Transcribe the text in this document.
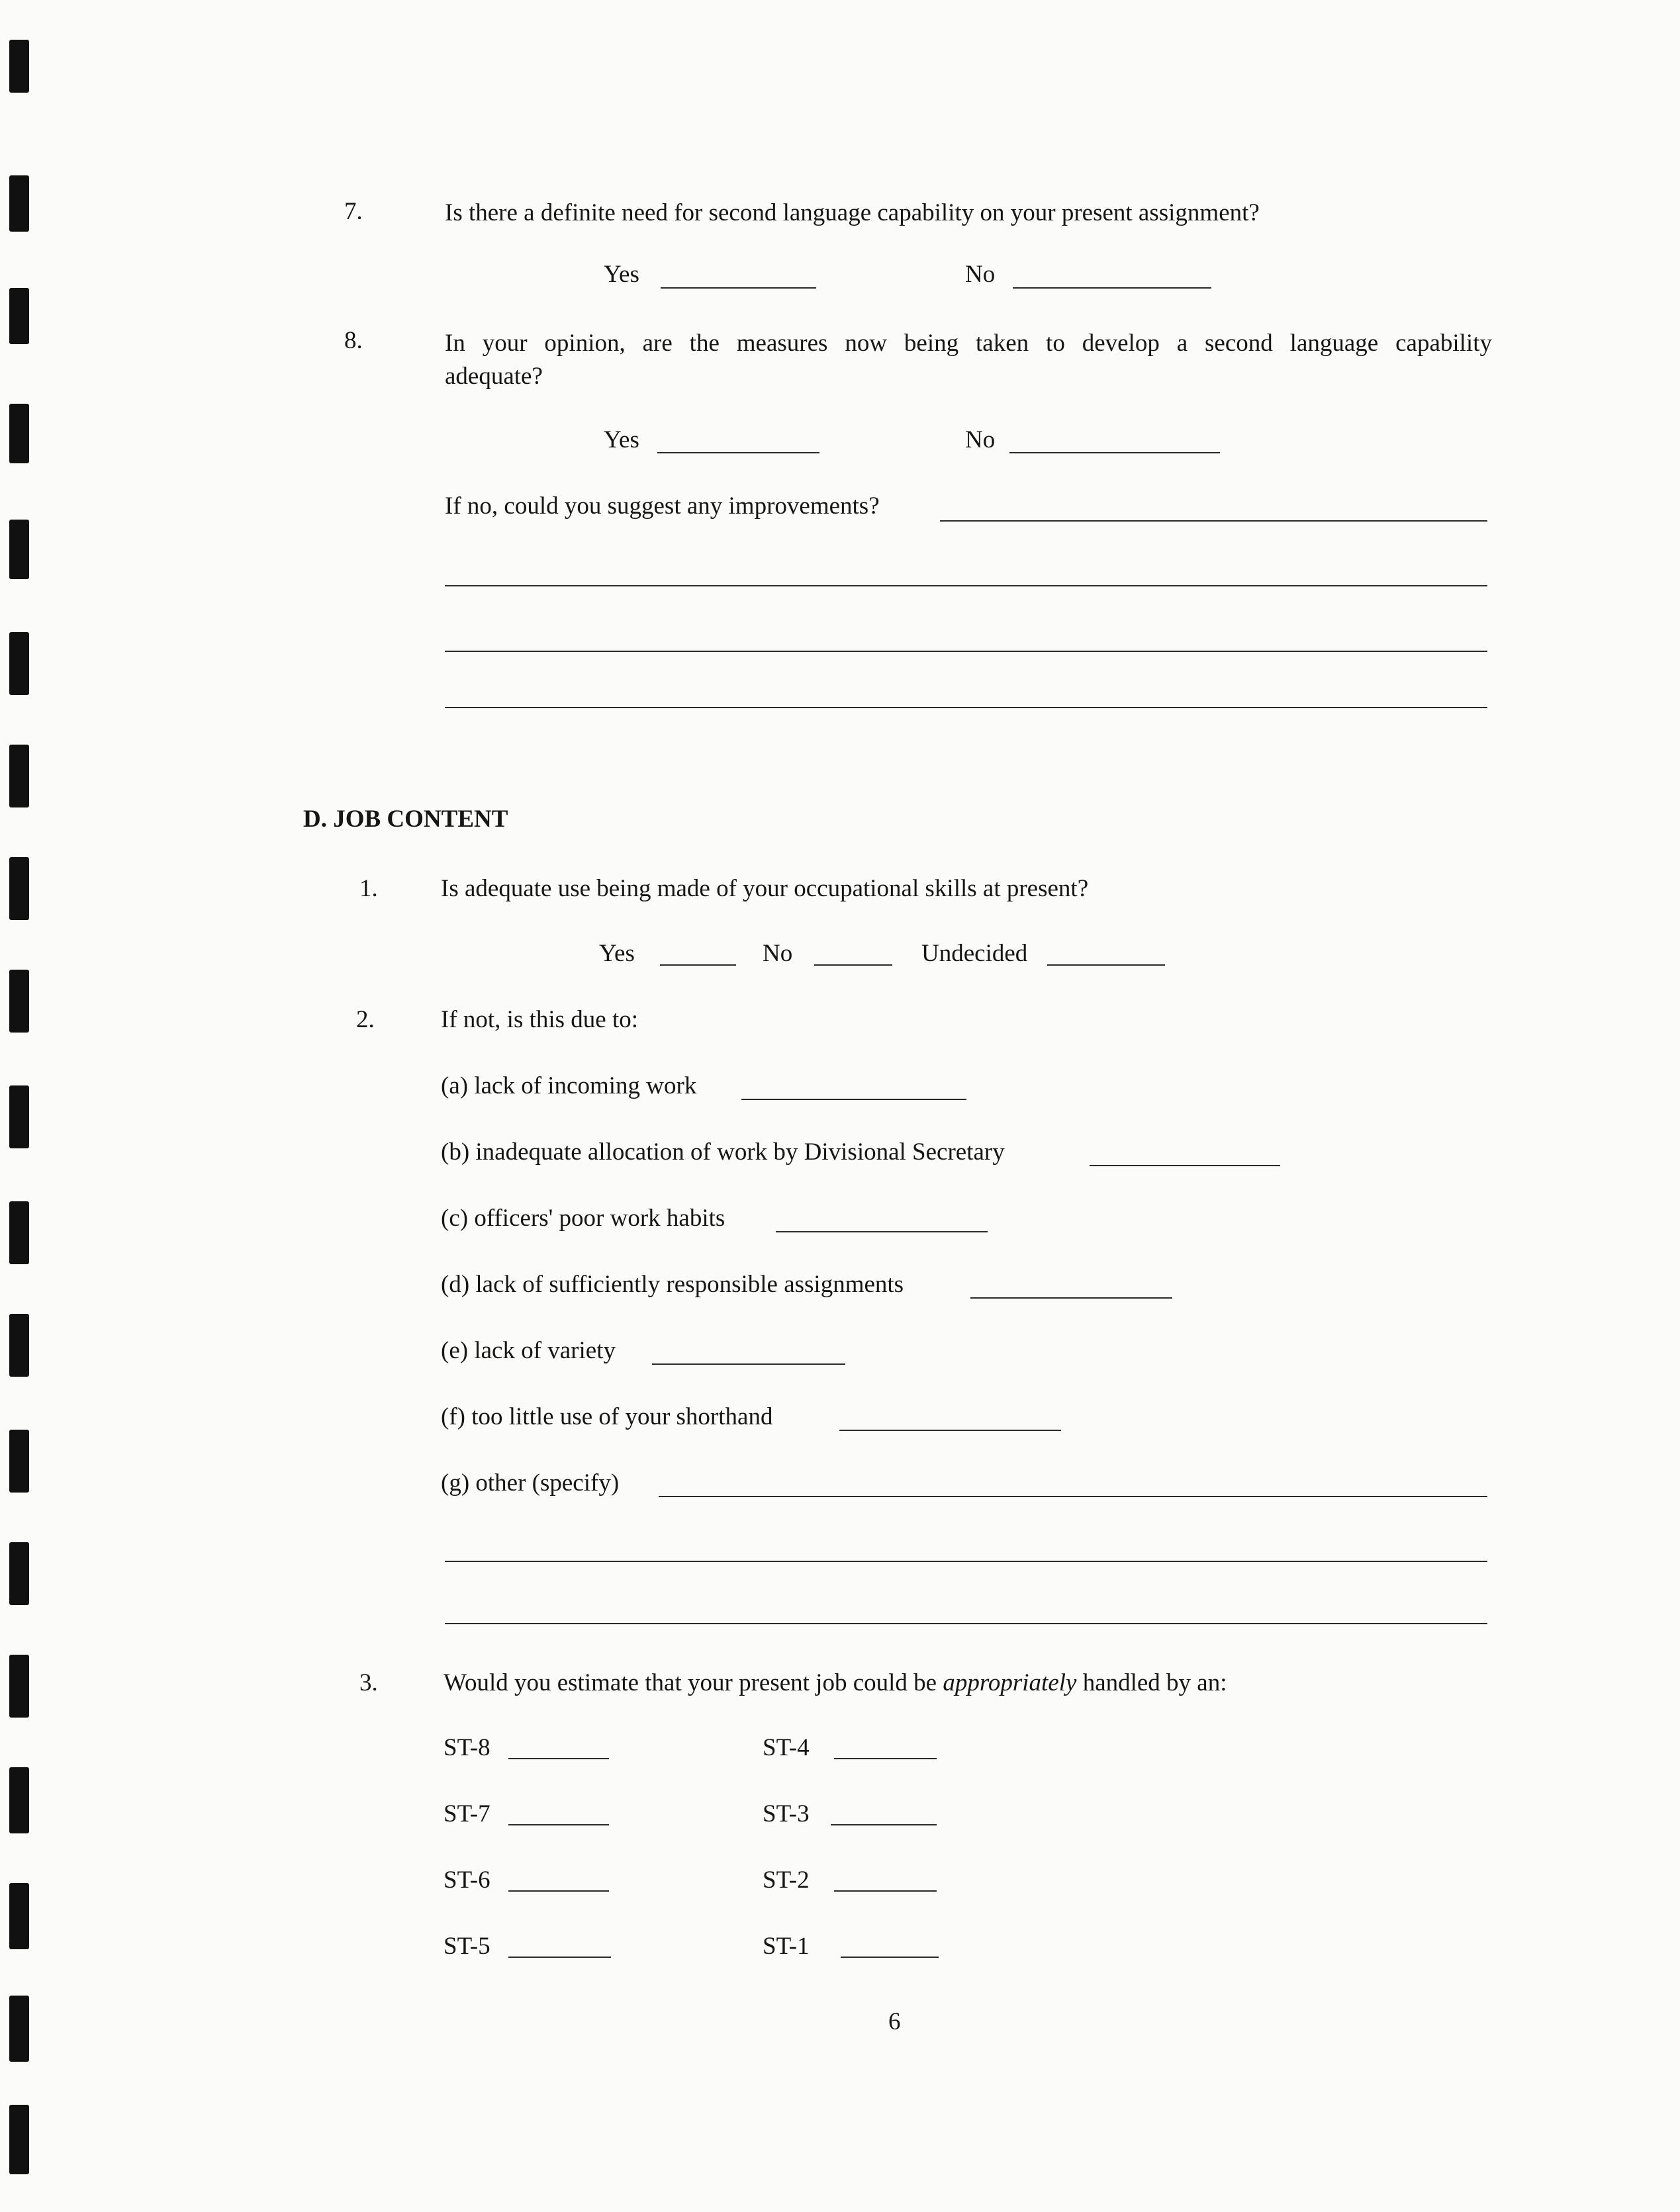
7.	Is there a definite need for second language capability on your present assignment?
Yes	No
8.	In your opinion, are the measures now being taken to develop a second language capability
adequate?
Yes	No
If no, could you suggest any improvements?
D. JOB CONTENT
1.	Is adequate use being made of your occupational skills at present?
Yes	No	Undecided
2.	If not, is this due to:
(a) lack of incoming work
(b) inadequate allocation of work by Divisional Secretary
(c) officers' poor work habits
(d) lack of sufficiently responsible assignments
(e) lack of variety
(f) too little use of your shorthand
(g) other (specify)
3.	Would you estimate that your present job could be appropriately handled by an:
ST-8	ST-4
ST-7	ST-3
ST-6	ST-2
ST-5	ST-1
6
